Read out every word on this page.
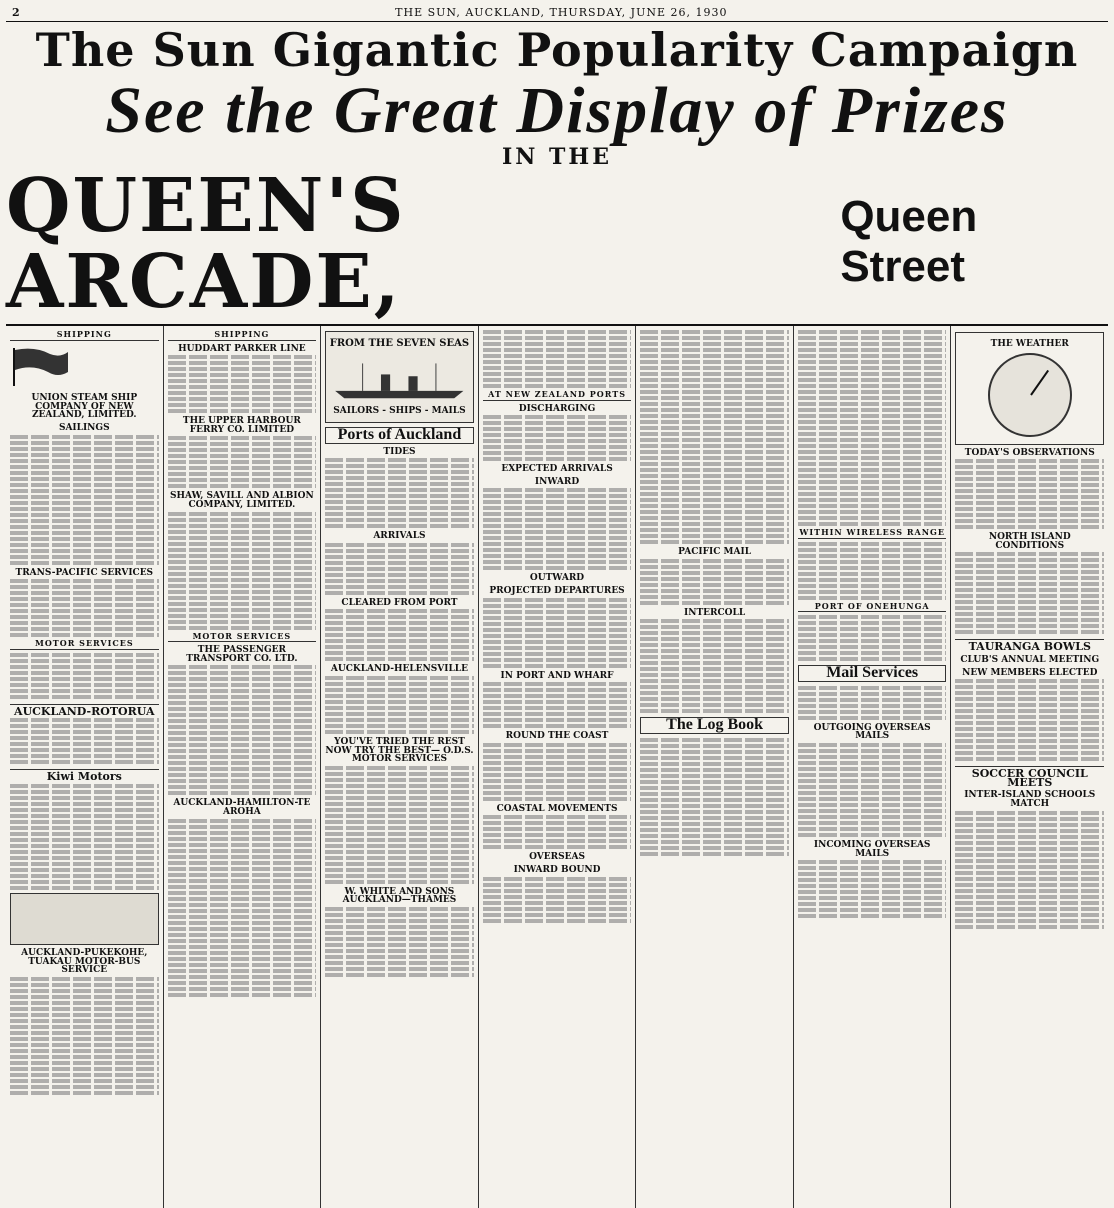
2	THE SUN, AUCKLAND, THURSDAY, JUNE 26, 1930
The Sun Gigantic Popularity Campaign
See the Great Display of Prizes
IN THE
QUEEN'S ARCADE,
Queen Street
SHIPPING
UNION STEAM SHIP COMPANY OF NEW ZEALAND, LIMITED.
SAILINGS
TRANS-PACIFIC SERVICES
MOTOR SERVICES
AUCKLAND-ROTORUA
Kiwi Motors
AUCKLAND-PUKEKOHE, TUAKAU MOTOR-BUS SERVICE
SHIPPING
HUDDART PARKER LINE
THE UPPER HARBOUR FERRY CO. LIMITED
SHAW, SAVILL AND ALBION COMPANY, LIMITED.
MOTOR SERVICES
THE PASSENGER TRANSPORT CO. LTD.
AUCKLAND-HAMILTON-TE AROHA
FROM THE SEVEN SEAS
SAILORS - SHIPS - MAILS
Ports of Auckland
TIDES
ARRIVALS
CLEARED FROM PORT
AUCKLAND-HELENSVILLE
YOU'VE TRIED THE REST NOW TRY THE BEST— O.D.S. MOTOR SERVICES
W. WHITE AND SONS AUCKLAND—THAMES
AT NEW ZEALAND PORTS
DISCHARGING
EXPECTED ARRIVALS
INWARD
OUTWARD
PROJECTED DEPARTURES
IN PORT AND WHARF
ROUND THE COAST
COASTAL MOVEMENTS
OVERSEAS
INWARD BOUND
PACIFIC MAIL
INTERCOLL
The Log Book
WITHIN WIRELESS RANGE
PORT OF ONEHUNGA
Mail Services
OUTGOING OVERSEAS MAILS
INCOMING OVERSEAS MAILS
THE WEATHER
TODAY'S OBSERVATIONS
NORTH ISLAND CONDITIONS
TAURANGA BOWLS
CLUB'S ANNUAL MEETING
NEW MEMBERS ELECTED
SOCCER COUNCIL MEETS
INTER-ISLAND SCHOOLS MATCH
